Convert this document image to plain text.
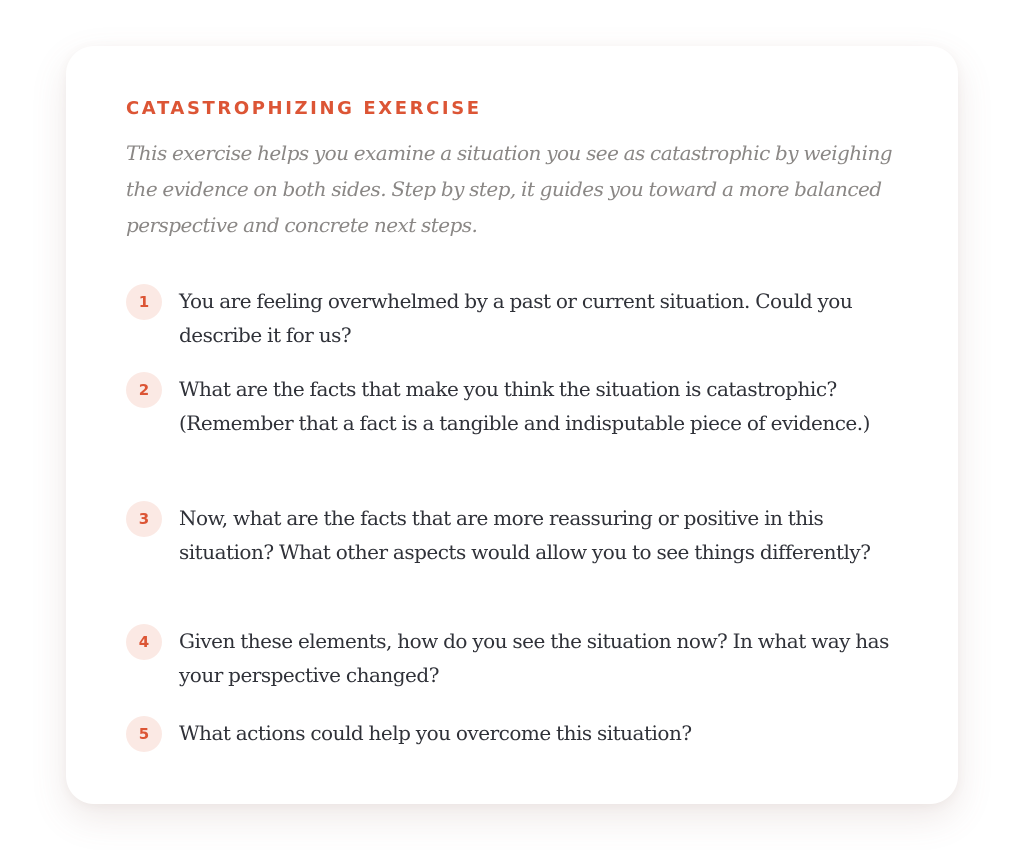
CATASTROPHIZING EXERCISE

This exercise helps you examine a situation you see as catastrophic by weighing the evidence on both sides. Step by step, it guides you toward a more balanced perspective and concrete next steps.

1	You are feeling overwhelmed by a past or current situation. Could you describe it for us?
2	What are the facts that make you think the situation is catastrophic? (Remember that a fact is a tangible and indisputable piece of evidence.)
3	Now, what are the facts that are more reassuring or positive in this situation? What other aspects would allow you to see things differently?
4	Given these elements, how do you see the situation now? In what way has your perspective changed?
5	What actions could help you overcome this situation?
